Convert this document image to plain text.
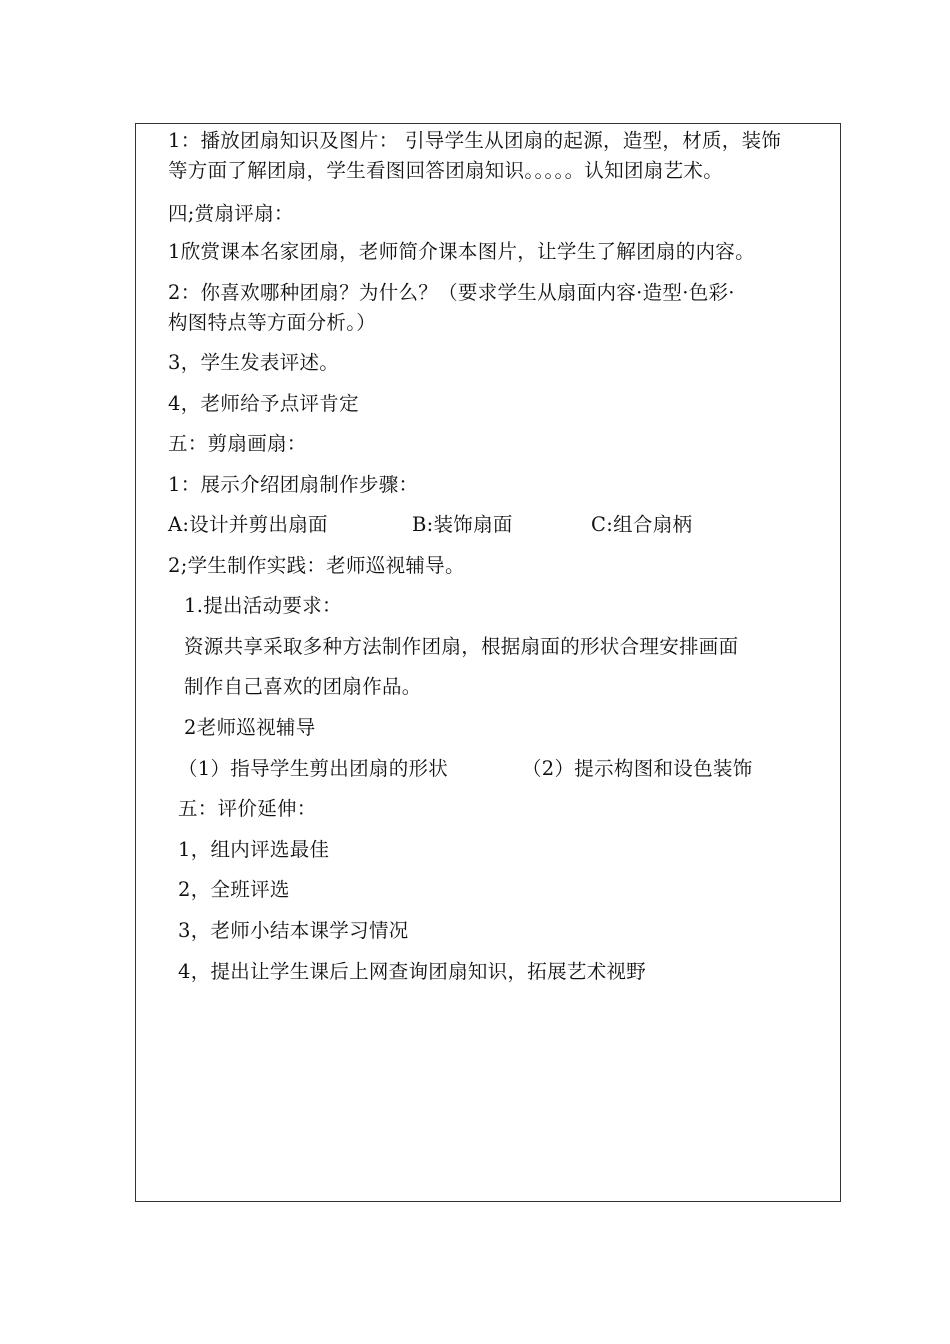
1：播放团扇知识及图片： 引导学生从团扇的起源，造型，材质，装饰
等方面了解团扇，学生看图回答团扇知识。。。。。认知团扇艺术。
四;赏扇评扇：
1欣赏课本名家团扇，老师简介课本图片，让学生了解团扇的内容。
2：你喜欢哪种团扇？为什么？（要求学生从扇面内容·造型·色彩·
构图特点等方面分析。）
3，学生发表评述。
4，老师给予点评肯定
五：剪扇画扇：
1：展示介绍团扇制作步骤：
A:设计并剪出扇面	B:装饰扇面	C:组合扇柄
2;学生制作实践：老师巡视辅导。
1.提出活动要求：
资源共享采取多种方法制作团扇，根据扇面的形状合理安排画面
制作自己喜欢的团扇作品。
2老师巡视辅导
（1）指导学生剪出团扇的形状	（2）提示构图和设色装饰
五：评价延伸：
1，组内评选最佳
2，全班评选
3，老师小结本课学习情况
4，提出让学生课后上网查询团扇知识，拓展艺术视野
